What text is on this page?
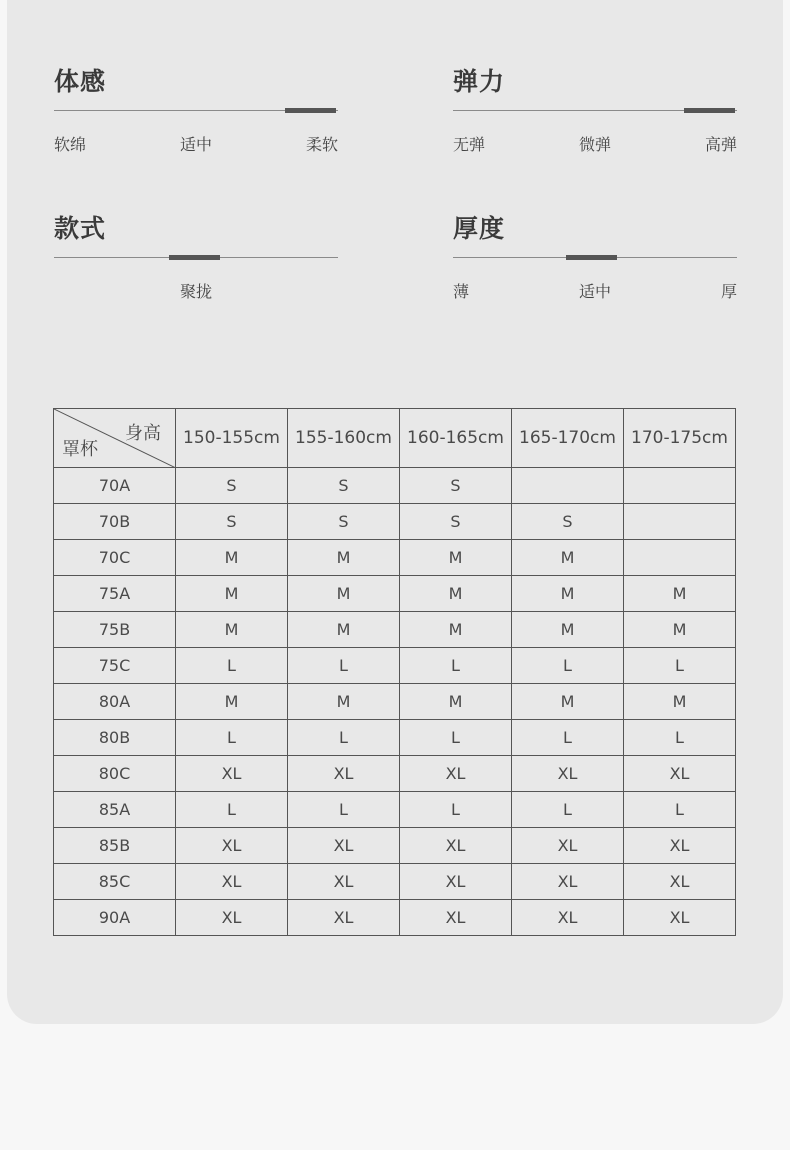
体感
软绵	适中	柔软
弹力
无弹	微弹	高弹
款式
聚拢
厚度
薄	适中	厚
身高
罩杯	150-155cm	155-160cm	160-165cm	165-170cm	170-175cm
70A	S	S	S		
70B	S	S	S	S	
70C	M	M	M	M	
75A	M	M	M	M	M
75B	M	M	M	M	M
75C	L	L	L	L	L
80A	M	M	M	M	M
80B	L	L	L	L	L
80C	XL	XL	XL	XL	XL
85A	L	L	L	L	L
85B	XL	XL	XL	XL	XL
85C	XL	XL	XL	XL	XL
90A	XL	XL	XL	XL	XL
